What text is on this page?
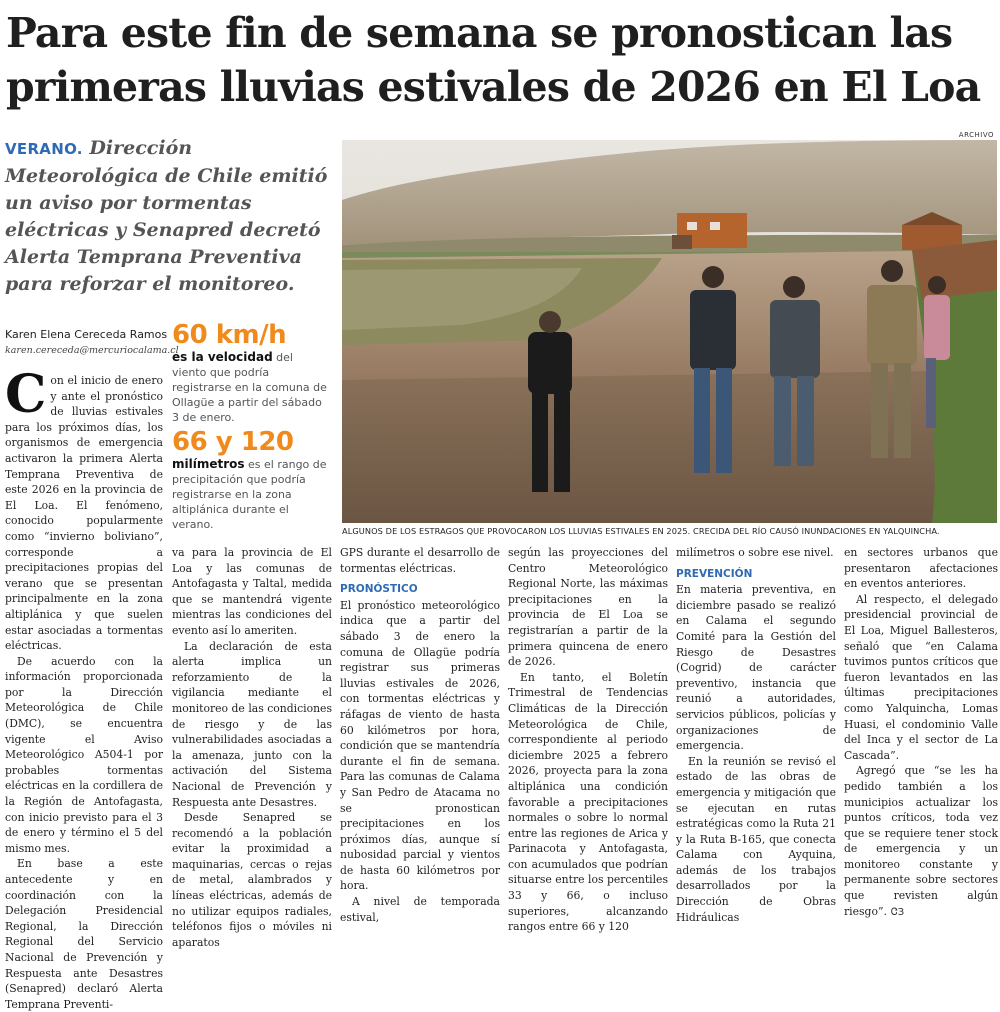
Para este fin de semana se pronostican las primeras lluvias estivales de 2026 en El Loa
VERANO. Dirección Meteorológica de Chile emitió un aviso por tormentas eléctricas y Senapred decretó Alerta Temprana Preventiva para reforzar el monitoreo.
Karen Elena Cereceda Ramos
karen.cereceda@mercuriocalama.cl
60 km/h
es la velocidad del viento que podría registrarse en la comuna de Ollagüe a partir del sábado 3 de enero.
66 y 120
milímetros es el rango de precipitación que podría registrarse en la zona altiplánica durante el verano.
ARCHIVO
ALGUNOS DE LOS ESTRAGOS QUE PROVOCARON LOS LLUVIAS ESTIVALES EN 2025. CRECIDA DEL RÍO CAUSÓ INUNDACIONES EN YALQUINCHA.

Con el inicio de enero y ante el pronóstico de lluvias estivales para los próximos días, los organismos de emergencia activaron la primera Alerta Temprana Preventiva de este 2026 en la provincia de El Loa. El fenómeno, conocido popularmente como “invierno boliviano”, corresponde a precipitaciones propias del verano que se presentan principalmente en la zona altiplánica y que suelen estar asociadas a tormentas eléctricas.

De acuerdo con la información proporcionada por la Dirección Meteorológica de Chile (DMC), se encuentra vigente el Aviso Meteorológico A504-1 por probables tormentas eléctricas en la cordillera de la Región de Antofagasta, con inicio previsto para el 3 de enero y término el 5 del mismo mes.

En base a este antecedente y en coordinación con la Delegación Presidencial Regional, la Dirección Regional del Servicio Nacional de Prevención y Respuesta ante Desastres (Senapred) declaró Alerta Temprana Preventi-

va para la provincia de El Loa y las comunas de Antofagasta y Taltal, medida que se mantendrá vigente mientras las condiciones del evento así lo ameriten.

La declaración de esta alerta implica un reforzamiento de la vigilancia mediante el monitoreo de las condiciones de riesgo y de las vulnerabilidades asociadas a la amenaza, junto con la activación del Sistema Nacional de Prevención y Respuesta ante Desastres.

Desde Senapred se recomendó a la población evitar la proximidad a maquinarias, cercas o rejas de metal, alambrados y líneas eléctricas, además de no utilizar equipos radiales, teléfonos fijos o móviles ni aparatos

GPS durante el desarrollo de tormentas eléctricas.

PRONÓSTICO

El pronóstico meteorológico indica que a partir del sábado 3 de enero la comuna de Ollagüe podría registrar sus primeras lluvias estivales de 2026, con tormentas eléctricas y ráfagas de viento de hasta 60 kilómetros por hora, condición que se mantendría durante el fin de semana. Para las comunas de Calama y San Pedro de Atacama no se pronostican precipitaciones en los próximos días, aunque sí nubosidad parcial y vientos de hasta 60 kilómetros por hora.

A nivel de temporada estival,

según las proyecciones del Centro Meteorológico Regional Norte, las máximas precipitaciones en la provincia de El Loa se registrarían a partir de la primera quincena de enero de 2026.

En tanto, el Boletín Trimestral de Tendencias Climáticas de la Dirección Meteorológica de Chile, correspondiente al periodo diciembre 2025 a febrero 2026, proyecta para la zona altiplánica una condición favorable a precipitaciones normales o sobre lo normal entre las regiones de Arica y Parinacota y Antofagasta, con acumulados que podrían situarse entre los percentiles 33 y 66, o incluso superiores, alcanzando rangos entre 66 y 120

milímetros o sobre ese nivel.

PREVENCIÓN

En materia preventiva, en diciembre pasado se realizó en Calama el segundo Comité para la Gestión del Riesgo de Desastres (Cogrid) de carácter preventivo, instancia que reunió a autoridades, servicios públicos, policías y organizaciones de emergencia.

En la reunión se revisó el estado de las obras de emergencia y mitigación que se ejecutan en rutas estratégicas como la Ruta 21 y la Ruta B-165, que conecta Calama con Ayquina, además de los trabajos desarrollados por la Dirección de Obras Hidráulicas

en sectores urbanos que presentaron afectaciones en eventos anteriores.

Al respecto, el delegado presidencial provincial de El Loa, Miguel Ballesteros, señaló que “en Calama tuvimos puntos críticos que fueron levantados en las últimas precipitaciones como Yalquincha, Lomas Huasi, el condominio Valle del Inca y el sector de La Cascada”.

Agregó que “se les ha pedido también a los municipios actualizar los puntos críticos, toda vez que se requiere tener stock de emergencia y un monitoreo constante y permanente sobre sectores que revisten algún riesgo”. ᏣЗ
